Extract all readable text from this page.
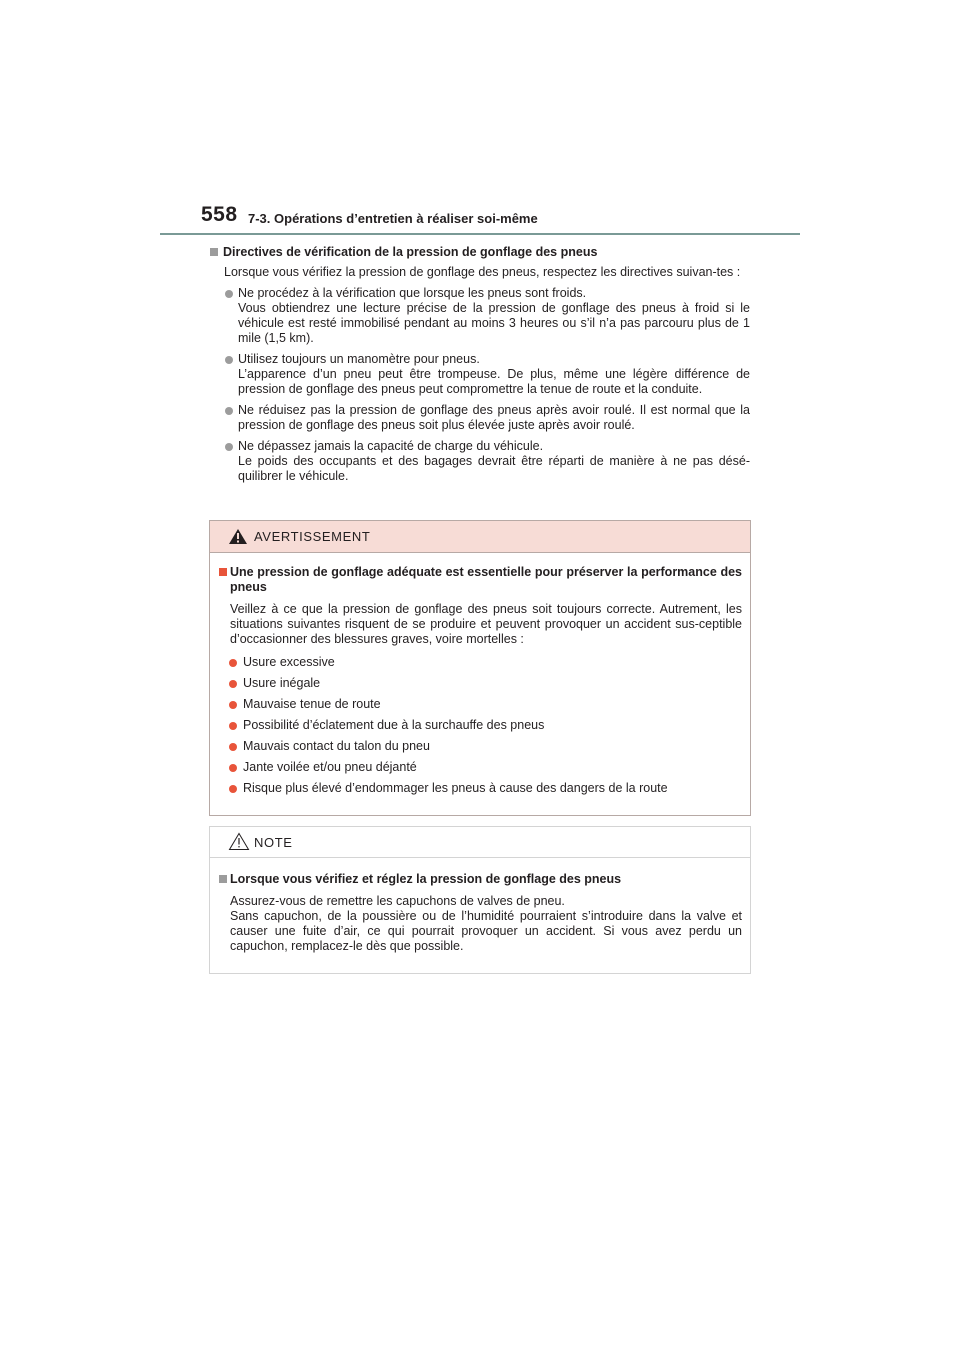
558 7-3. Opérations d’entretien à réaliser soi-même
Directives de vérification de la pression de gonflage des pneus
Lorsque vous vérifiez la pression de gonflage des pneus, respectez les directives suivan-tes :
Ne procédez à la vérification que lorsque les pneus sont froids.
Vous obtiendrez une lecture précise de la pression de gonflage des pneus à froid si le véhicule est resté immobilisé pendant au moins 3 heures ou s’il n’a pas parcouru plus de 1 mile (1,5 km).
Utilisez toujours un manomètre pour pneus.
L’apparence d’un pneu peut être trompeuse. De plus, même une légère différence de pression de gonflage des pneus peut compromettre la tenue de route et la conduite.
Ne réduisez pas la pression de gonflage des pneus après avoir roulé. Il est normal que la pression de gonflage des pneus soit plus élevée juste après avoir roulé.
Ne dépassez jamais la capacité de charge du véhicule.
Le poids des occupants et des bagages devrait être réparti de manière à ne pas désé-quilibrer le véhicule.
AVERTISSEMENT
Une pression de gonflage adéquate est essentielle pour préserver la performance des pneus
Veillez à ce que la pression de gonflage des pneus soit toujours correcte. Autrement, les situations suivantes risquent de se produire et peuvent provoquer un accident sus-ceptible d’occasionner des blessures graves, voire mortelles :
Usure excessive
Usure inégale
Mauvaise tenue de route
Possibilité d’éclatement due à la surchauffe des pneus
Mauvais contact du talon du pneu
Jante voilée et/ou pneu déjanté
Risque plus élevé d’endommager les pneus à cause des dangers de la route
NOTE
Lorsque vous vérifiez et réglez la pression de gonflage des pneus
Assurez-vous de remettre les capuchons de valves de pneu.
Sans capuchon, de la poussière ou de l’humidité pourraient s’introduire dans la valve et causer une fuite d’air, ce qui pourrait provoquer un accident. Si vous avez perdu un capuchon, remplacez-le dès que possible.
